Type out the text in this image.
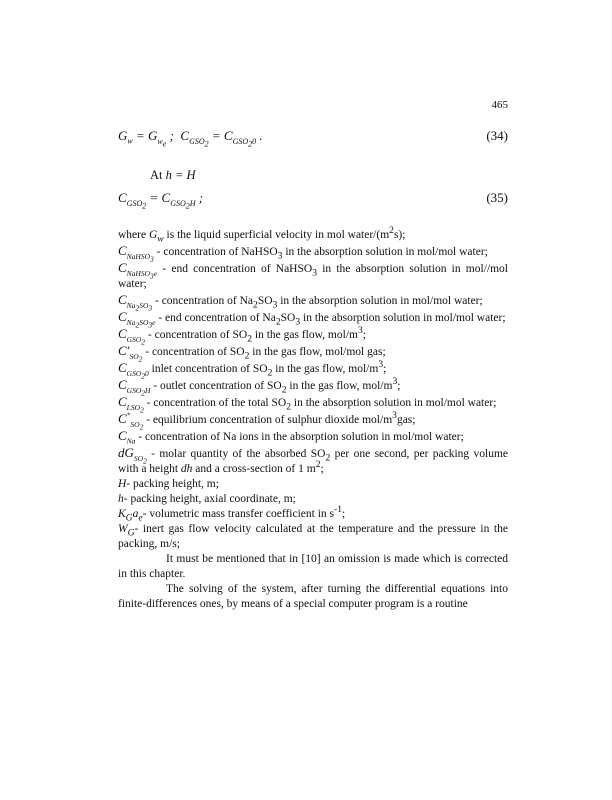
465
$G_w = G_{w_e}$ ;  $C_{GSO_2} = C_{GSO_20}$ .	(34)
At h = H
$C_{GSO_2} = C_{GSO_2H}$ ;	(35)

where $G_w$ is the liquid superficial velocity in mol water/$(m^2s)$;

$C_{NaHSO_3}$ - concentration of NaHSO$_3$ in the absorption solution in mol/mol water;

$C_{NaHSO_3e}$ - end concentration of NaHSO$_3$ in the absorption solution in mol//mol water;

$C_{Na_2SO_3}$ - concentration of $Na_2SO_3$ in the absorption solution in mol/mol water;

$C_{Na_2SO_3e}$ - end concentration of $Na_2SO_3$ in the absorption solution in mol/mol water;

$C_{GSO_2}$ - concentration of $SO_2$ in the gas flow, mol/$m^3$;

$C'_{SO_2}$ - concentration of $SO_2$ in the gas flow, mol/mol gas;

$C_{GSO_20}$ inlet concentration of $SO_2$ in the gas flow, mol/$m^3$;

$C_{GSO_2H}$ - outlet concentration of $SO_2$ in the gas flow, mol/$m^3$;

$C_{LSO_2}$ - concentration of the total $SO_2$ in the absorption solution in mol/mol water;

$C^*_{SO_2}$ - equilibrium concentration of sulphur dioxide mol/$m^3gas$;

$C_{Na}$ - concentration of Na ions in the absorption solution in mol/mol water;

$dG_{SO_2}$ - molar quantity of the absorbed $SO_2$ per one second, per packing volume with a height dh and a cross-section of 1 $m^2$;

H- packing height, m;

h- packing height, axial coordinate, m;

$K_Ga_e-$ volumetric mass transfer coefficient in $s^{-1}$;

$W_G-$ inert gas flow velocity calculated at the temperature and the pressure in the packing, m/s;

It must be mentioned that in [10] an omission is made which is corrected in this chapter.

The solving of the system, after turning the differential equations into finite-differences ones, by means of a special computer program is a routine
